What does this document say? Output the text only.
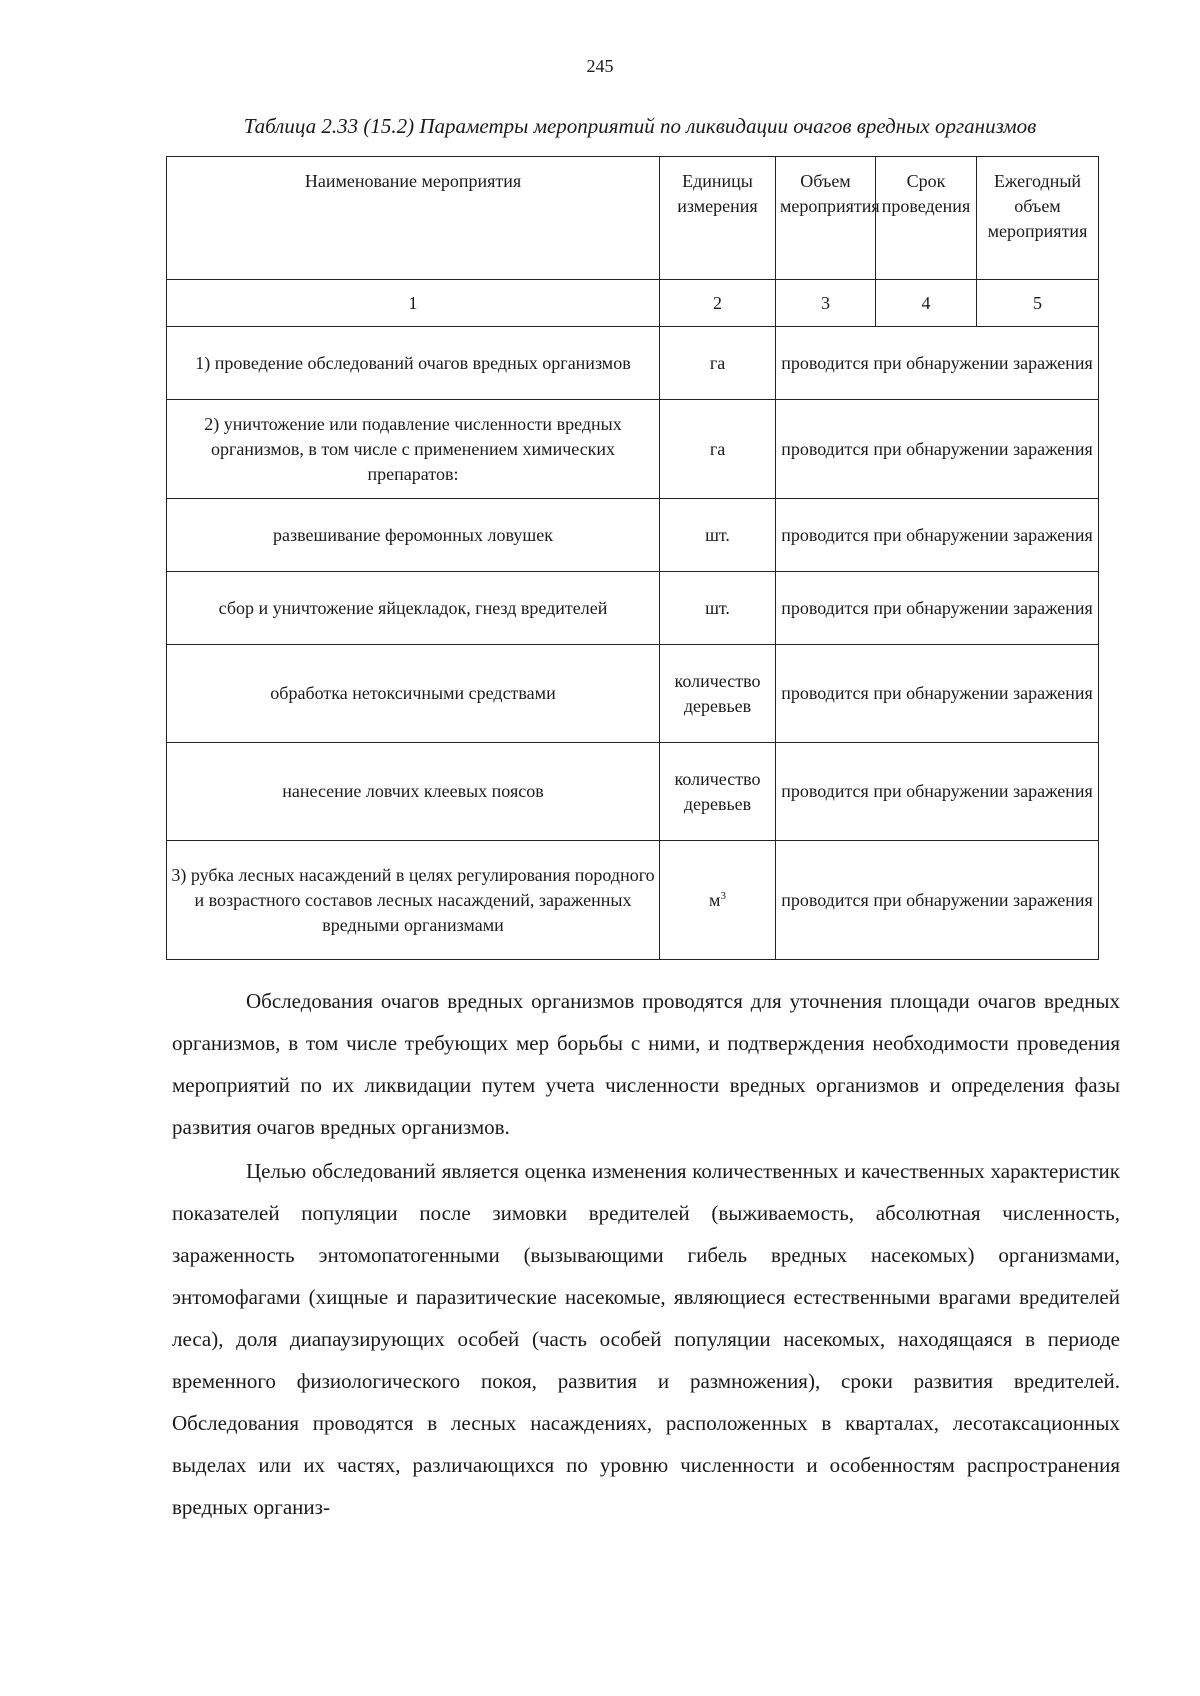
245
Таблица 2.33 (15.2) Параметры мероприятий по ликвидации очагов вредных организмов
Наименование мероприятия	Единицы измерения	Объем мероприятия	Срок проведения	Ежегодный объем мероприятия
1	2	3	4	5
1) проведение обследований очагов вредных организмов	га	проводится при обнаружении заражения		
2) уничтожение или подавление численности вредных организмов, в том числе с применением химических препаратов:	га	проводится при обнаружении заражения		
развешивание феромонных ловушек	шт.	проводится при обнаружении заражения		
сбор и уничтожение яйцекладок, гнезд вредителей	шт.	проводится при обнаружении заражения		
обработка нетоксичными средствами	количество деревьев	проводится при обнаружении заражения		
нанесение ловчих клеевых поясов	количество деревьев	проводится при обнаружении заражения		
3) рубка лесных насаждений в целях регулирования породного и возрастного составов лесных насаждений, зараженных вредными организмами	$м^3$	проводится при обнаружении заражения		

Обследования очагов вредных организмов проводятся для уточнения площади очагов вредных организмов, в том числе требующих мер борьбы с ними, и подтверждения необходимости проведения мероприятий по их ликвидации путем учета численности вредных организмов и определения фазы развития очагов вредных организмов.

Целью обследований является оценка изменения количественных и качественных характеристик показателей популяции после зимовки вредителей (выживаемость, абсолютная численность, зараженность энтомопатогенными (вызывающими гибель вредных насекомых) организмами, энтомофагами (хищные и паразитические насекомые, являющиеся естественными врагами вредителей леса), доля диапаузирующих особей (часть особей популяции насекомых, находящаяся в периоде временного физиологического покоя, развития и размножения), сроки развития вредителей. Обследования проводятся в лесных насаждениях, расположенных в кварталах, лесотаксационных выделах или их частях, различающихся по уровню численности и особенностям распространения вредных организ-
